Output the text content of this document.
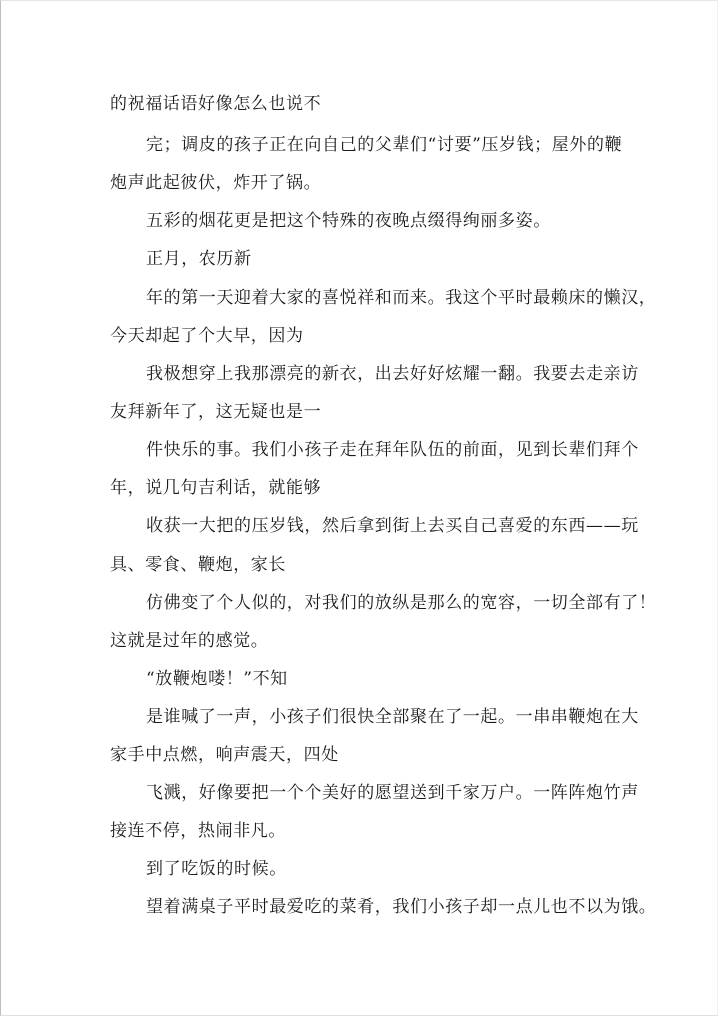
的祝福话语好像怎么也说不
完；调皮的孩子正在向自己的父辈们“讨要”压岁钱；屋外的鞭
炮声此起彼伏，炸开了锅。
五彩的烟花更是把这个特殊的夜晚点缀得绚丽多姿。
正月，农历新
年的第一天迎着大家的喜悦祥和而来。我这个平时最赖床的懒汉，
今天却起了个大早，因为
我极想穿上我那漂亮的新衣，出去好好炫耀一翻。我要去走亲访
友拜新年了，这无疑也是一
件快乐的事。我们小孩子走在拜年队伍的前面，见到长辈们拜个
年，说几句吉利话，就能够
收获一大把的压岁钱，然后拿到街上去买自己喜爱的东西——玩
具、零食、鞭炮，家长
仿佛变了个人似的，对我们的放纵是那么的宽容，一切全部有了！
这就是过年的感觉。
“放鞭炮喽！”不知
是谁喊了一声，小孩子们很快全部聚在了一起。一串串鞭炮在大
家手中点燃，响声震天，四处
飞溅，好像要把一个个美好的愿望送到千家万户。一阵阵炮竹声
接连不停，热闹非凡。
到了吃饭的时候。
望着满桌子平时最爱吃的菜肴，我们小孩子却一点儿也不以为饿。
